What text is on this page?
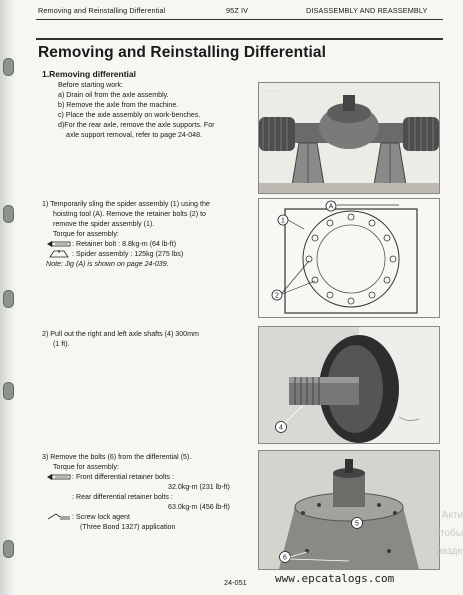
Removing and Reinstalling Differential	95Z IV	DISASSEMBLY AND REASSEMBLY
Removing and Reinstalling Differential
1.Removing differential
Before starting work:
a) Drain oil from the axle assembly.
b) Remove the axle from the machine.
c) Place the axle assembly on work-benches.
d)For the rear axle, remove the axle supports. For
axle support removal, refer to page 24-048.
~ ~ ~
1) Temporarily sling the spider assembly (1) using the
hoisting tool (A). Remove the retainer bolts (2) to
remove the spider assembly (1).
Torque for assembly:
: Retainer bolt : 8.8kg-m (64 lb-ft)
: Spider assembly : 125kg (275 lbs)
Note: Jig (A) is shown on page 24-039.
A
1
2
2) Pull out the right and left axle shafts (4) 300mm
(1 ft).
4
3) Remove the bolts (6) from the differential (5).
Torque for assembly:
: Front differential retainer bolts :
32.0kg-m (231 lb-ft)
: Rear differential retainer bolts :
63.0kg-m (456 lb-ft)
: Screw lock agent
(Three Bond 1327) application	5
6
Акти
Чтобы
разде
24-051	www.epcatalogs.com
